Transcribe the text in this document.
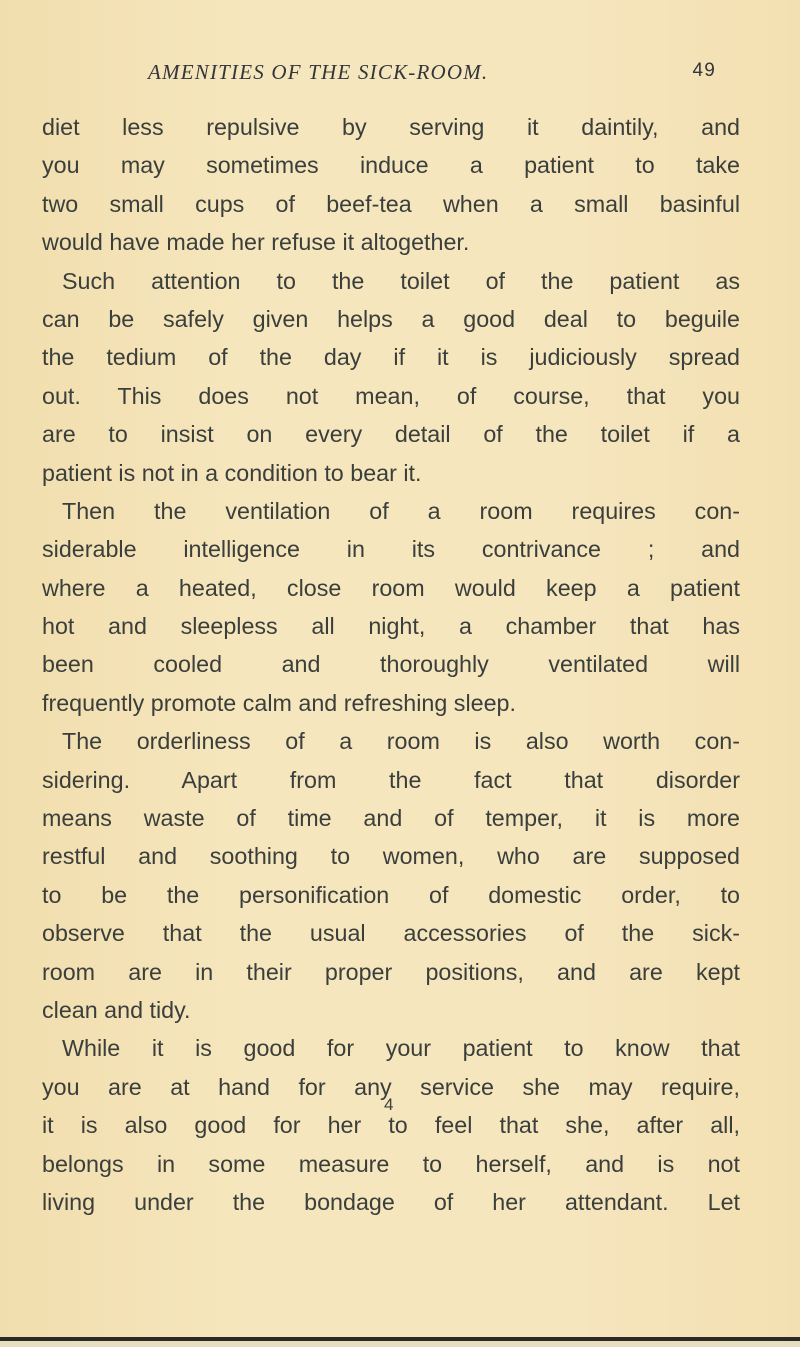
AMENITIES OF THE SICK-ROOM.	49
diet less repulsive by serving it daintily, and
you may sometimes induce a patient to take
two small cups of beef-tea when a small basinful
would have made her refuse it altogether.
Such attention to the toilet of the patient as
can be safely given helps a good deal to beguile
the tedium of the day if it is judiciously spread
out. This does not mean, of course, that you
are to insist on every detail of the toilet if a
patient is not in a condition to bear it.
Then the ventilation of a room requires con-
siderable intelligence in its contrivance ; and
where a heated, close room would keep a patient
hot and sleepless all night, a chamber that has
been cooled and thoroughly ventilated will
frequently promote calm and refreshing sleep.
The orderliness of a room is also worth con-
sidering. Apart from the fact that disorder
means waste of time and of temper, it is more
restful and soothing to women, who are supposed
to be the personification of domestic order, to
observe that the usual accessories of the sick-
room are in their proper positions, and are kept
clean and tidy.
While it is good for your patient to know that
you are at hand for any service she may require,
it is also good for her to feel that she, after all,
belongs in some measure to herself, and is not
living under the bondage of her attendant. Let
4
